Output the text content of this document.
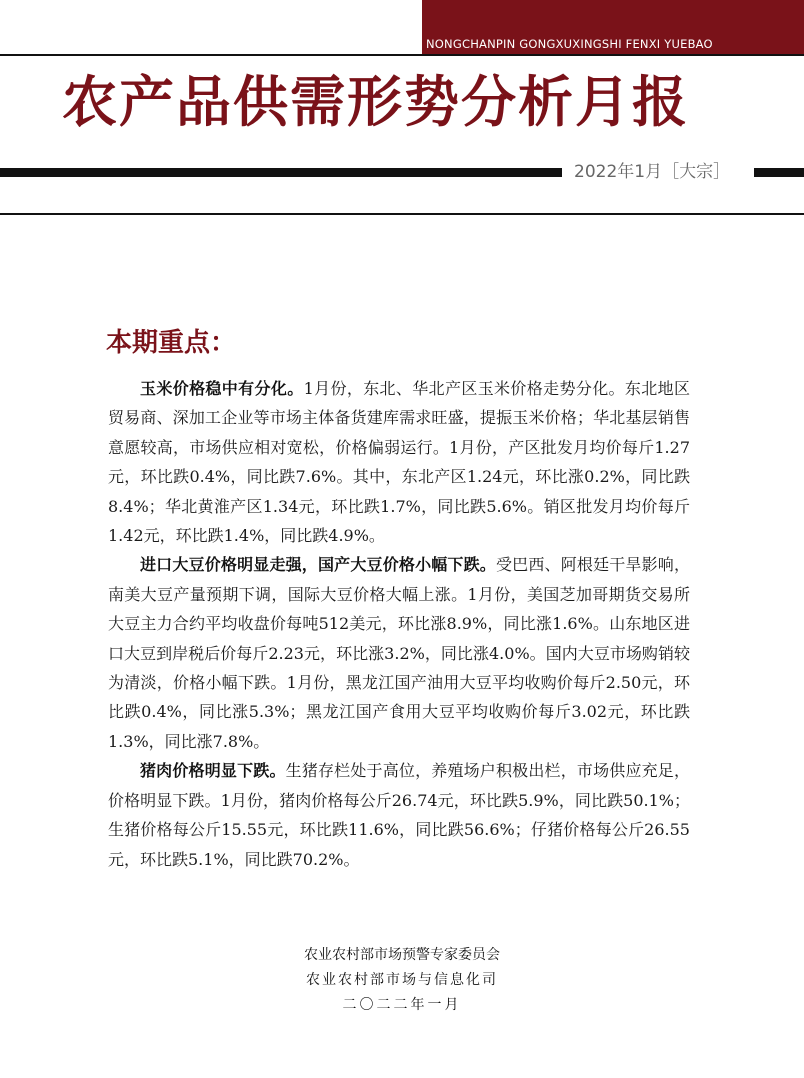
NONGCHANPIN GONGXUXINGSHI FENXI YUEBAO
农产品供需形势分析月报
2022年1月［大宗］
本期重点：

玉米价格稳中有分化。1月份，东北、华北产区玉米价格走势分化。东北地区贸易商、深加工企业等市场主体备货建库需求旺盛，提振玉米价格；华北基层销售意愿较高，市场供应相对宽松，价格偏弱运行。1月份，产区批发月均价每斤1.27元，环比跌0.4%，同比跌7.6%。其中，东北产区1.24元，环比涨0.2%，同比跌8.4%；华北黄淮产区1.34元，环比跌1.7%，同比跌5.6%。销区批发月均价每斤1.42元，环比跌1.4%，同比跌4.9%。

进口大豆价格明显走强，国产大豆价格小幅下跌。受巴西、阿根廷干旱影响，南美大豆产量预期下调，国际大豆价格大幅上涨。1月份，美国芝加哥期货交易所大豆主力合约平均收盘价每吨512美元，环比涨8.9%，同比涨1.6%。山东地区进口大豆到岸税后价每斤2.23元，环比涨3.2%，同比涨4.0%。国内大豆市场购销较为清淡，价格小幅下跌。1月份，黑龙江国产油用大豆平均收购价每斤2.50元，环比跌0.4%，同比涨5.3%；黑龙江国产食用大豆平均收购价每斤3.02元，环比跌1.3%，同比涨7.8%。

猪肉价格明显下跌。生猪存栏处于高位，养殖场户积极出栏，市场供应充足，价格明显下跌。1月份，猪肉价格每公斤26.74元，环比跌5.9%，同比跌50.1%；生猪价格每公斤15.55元，环比跌11.6%，同比跌56.6%；仔猪价格每公斤26.55元，环比跌5.1%，同比跌70.2%。

农业农村部市场预警专家委员会
农业农村部市场与信息化司
二〇二二年一月
